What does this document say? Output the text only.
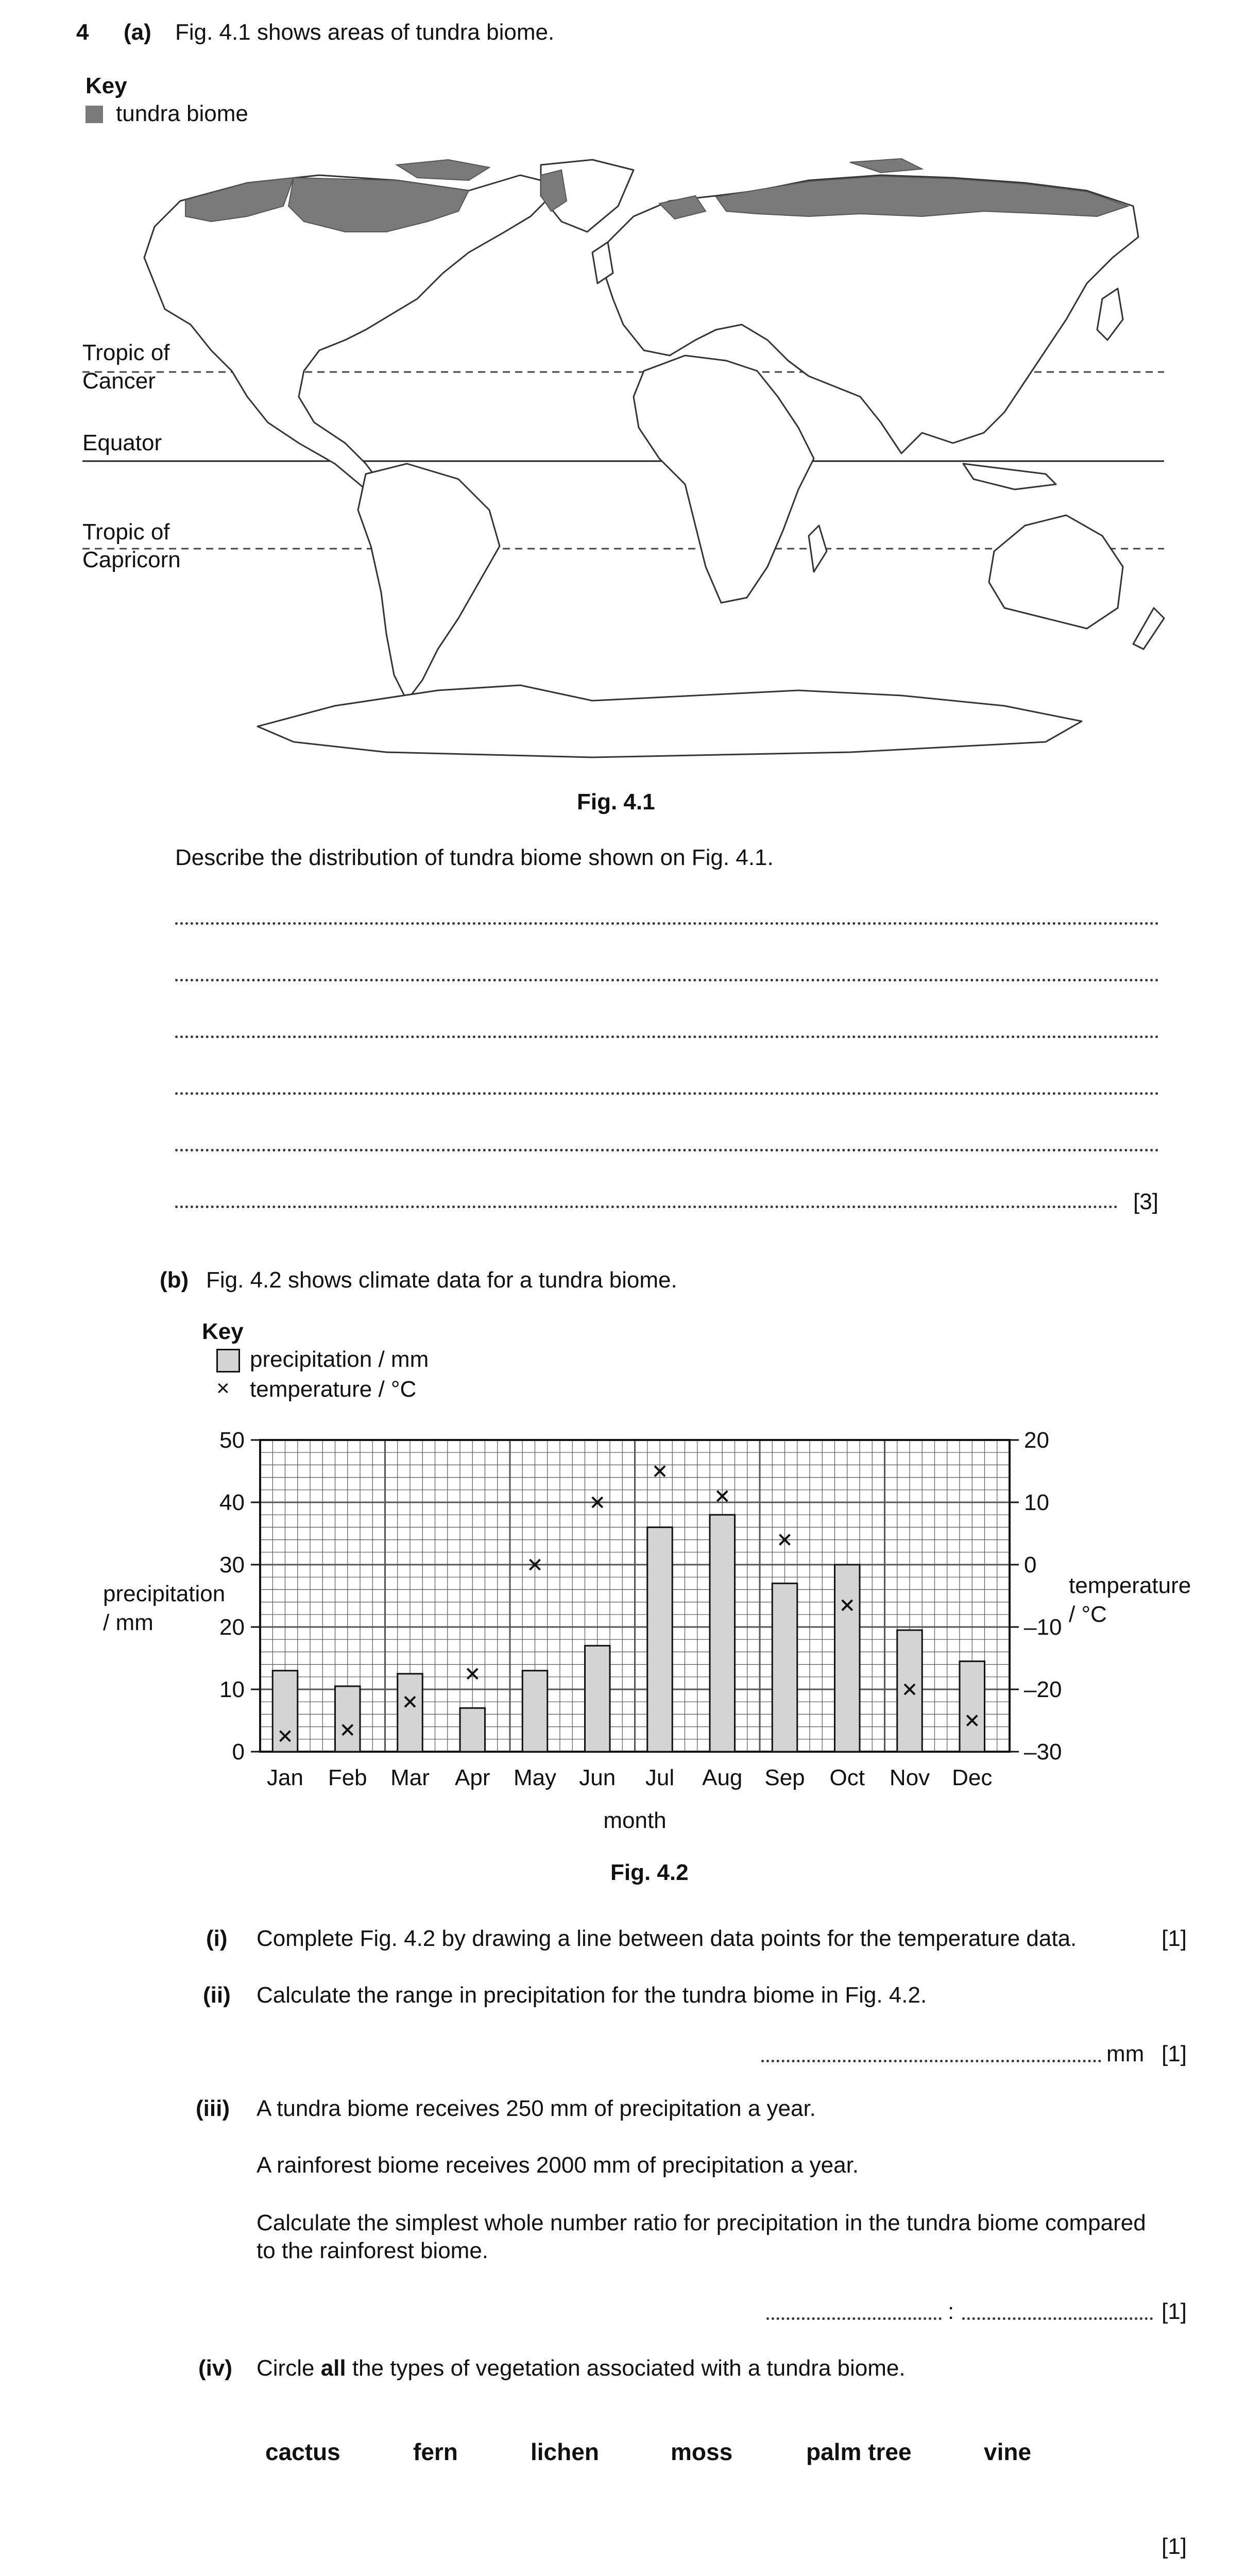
4 (a) Fig. 4.1 shows areas of tundra biome.
Key
tundra biome
Tropic of
Cancer
Equator
Tropic of
Capricorn
Fig. 4.1
Describe the distribution of tundra biome shown on Fig. 4.1.
[3]
(b) Fig. 4.2 shows climate data for a tundra biome.
Key
precipitation / mm
× temperature / °C
0
10
20
30
40
50
–30
–20
–10
0
10
20
Jan Feb Mar Apr May Jun Jul Aug Sep Oct Nov Dec
month
precipitation
/ mm
temperature
/ °C
Fig. 4.2
(i) Complete Fig. 4.2 by drawing a line between data points for the temperature data.	[1]
(ii) Calculate the range in precipitation for the tundra biome in Fig. 4.2.
mm [1]
(iii) A tundra biome receives 250 mm of precipitation a year.
A rainforest biome receives 2000 mm of precipitation a year.
Calculate the simplest whole number ratio for precipitation in the tundra biome compared
to the rainforest biome.
:	[1]
(iv) Circle all the types of vegetation associated with a tundra biome.
cactus	fern	lichen	moss	palm tree	vine
[1]
